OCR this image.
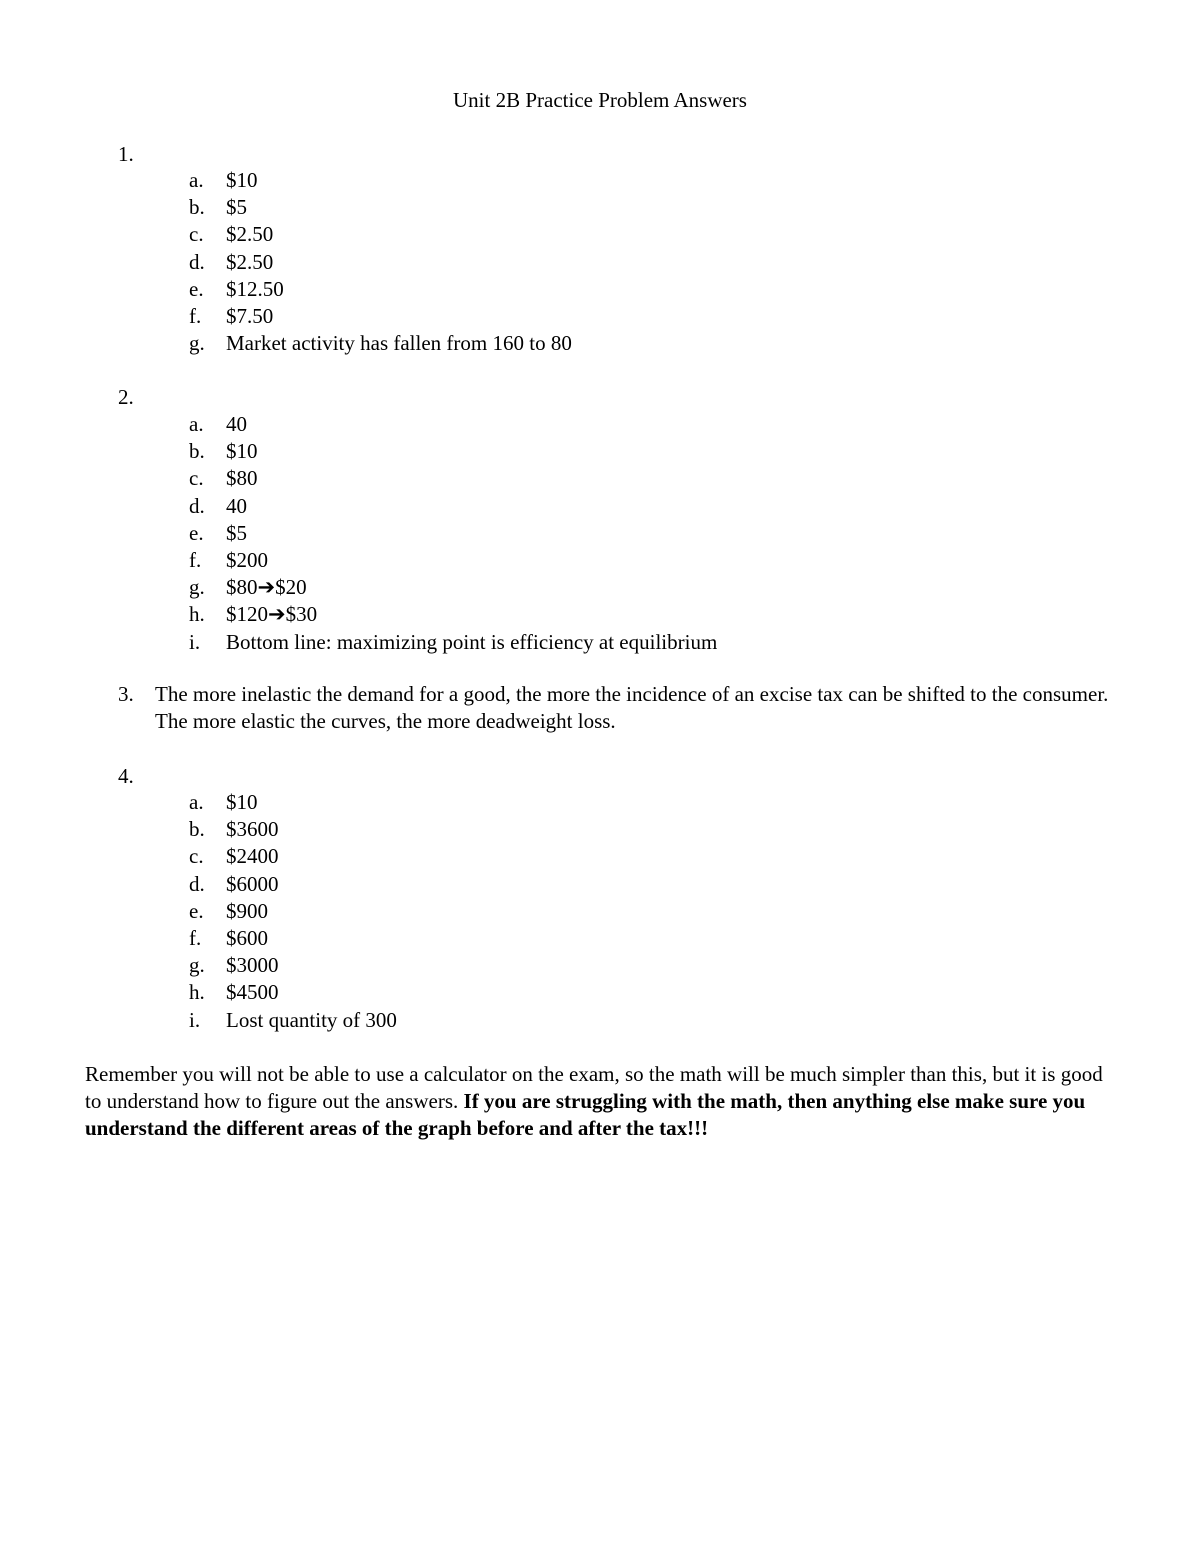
Unit 2B Practice Problem Answers
1.
a. $10
b. $5
c. $2.50
d. $2.50
e. $12.50
f. $7.50
g. Market activity has fallen from 160 to 80
2.
a. 40
b. $10
c. $80
d. 40
e. $5
f. $200
g. $80➔$20
h. $120➔$30
i. Bottom line: maximizing point is efficiency at equilibrium
3. The more inelastic the demand for a good, the more the incidence of an excise tax can be shifted to the consumer. The more elastic the curves, the more deadweight loss.
4.
a. $10
b. $3600
c. $2400
d. $6000
e. $900
f. $600
g. $3000
h. $4500
i. Lost quantity of 300
Remember you will not be able to use a calculator on the exam, so the math will be much simpler than this, but it is good to understand how to figure out the answers. If you are struggling with the math, then anything else make sure you understand the different areas of the graph before and after the tax!!!
